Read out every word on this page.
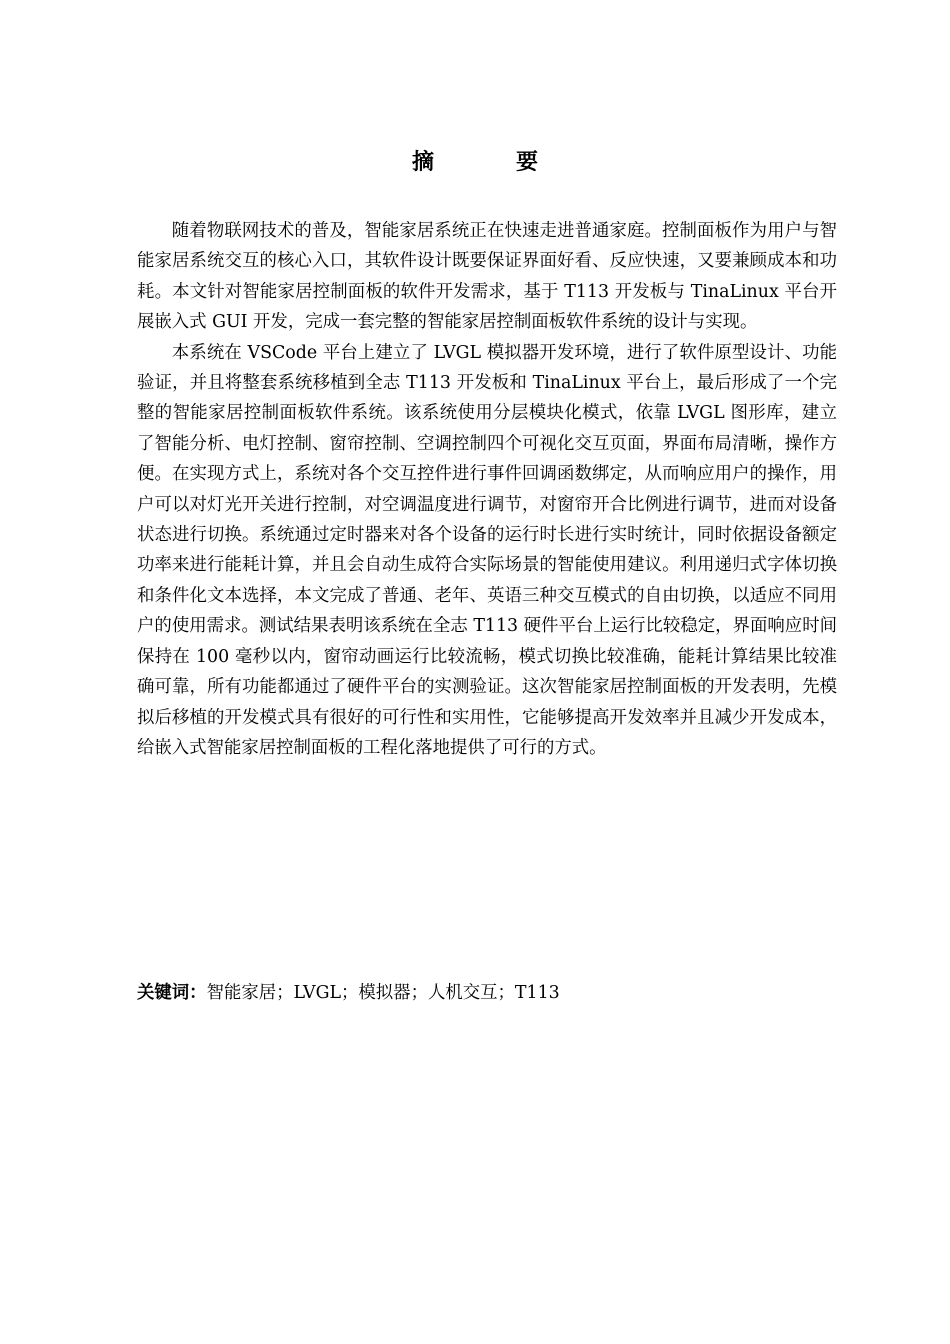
摘　要

随着物联网技术的普及，智能家居系统正在快速走进普通家庭。控制面板作为用户与智能家居系统交互的核心入口，其软件设计既要保证界面好看、反应快速，又要兼顾成本和功耗。本文针对智能家居控制面板的软件开发需求，基于 T113 开发板与 TinaLinux 平台开展嵌入式 GUI 开发，完成一套完整的智能家居控制面板软件系统的设计与实现。

本系统在 VSCode 平台上建立了 LVGL 模拟器开发环境，进行了软件原型设计、功能验证，并且将整套系统移植到全志 T113 开发板和 TinaLinux 平台上，最后形成了一个完整的智能家居控制面板软件系统。该系统使用分层模块化模式，依靠 LVGL 图形库，建立了智能分析、电灯控制、窗帘控制、空调控制四个可视化交互页面，界面布局清晰，操作方便。在实现方式上，系统对各个交互控件进行事件回调函数绑定，从而响应用户的操作，用户可以对灯光开关进行控制，对空调温度进行调节，对窗帘开合比例进行调节，进而对设备状态进行切换。系统通过定时器来对各个设备的运行时长进行实时统计，同时依据设备额定功率来进行能耗计算，并且会自动生成符合实际场景的智能使用建议。利用递归式字体切换和条件化文本选择，本文完成了普通、老年、英语三种交互模式的自由切换，以适应不同用户的使用需求。测试结果表明该系统在全志 T113 硬件平台上运行比较稳定，界面响应时间保持在 100 毫秒以内，窗帘动画运行比较流畅，模式切换比较准确，能耗计算结果比较准确可靠，所有功能都通过了硬件平台的实测验证。这次智能家居控制面板的开发表明，先模拟后移植的开发模式具有很好的可行性和实用性，它能够提高开发效率并且减少开发成本，给嵌入式智能家居控制面板的工程化落地提供了可行的方式。

关键词：智能家居；LVGL；模拟器；人机交互；T113
